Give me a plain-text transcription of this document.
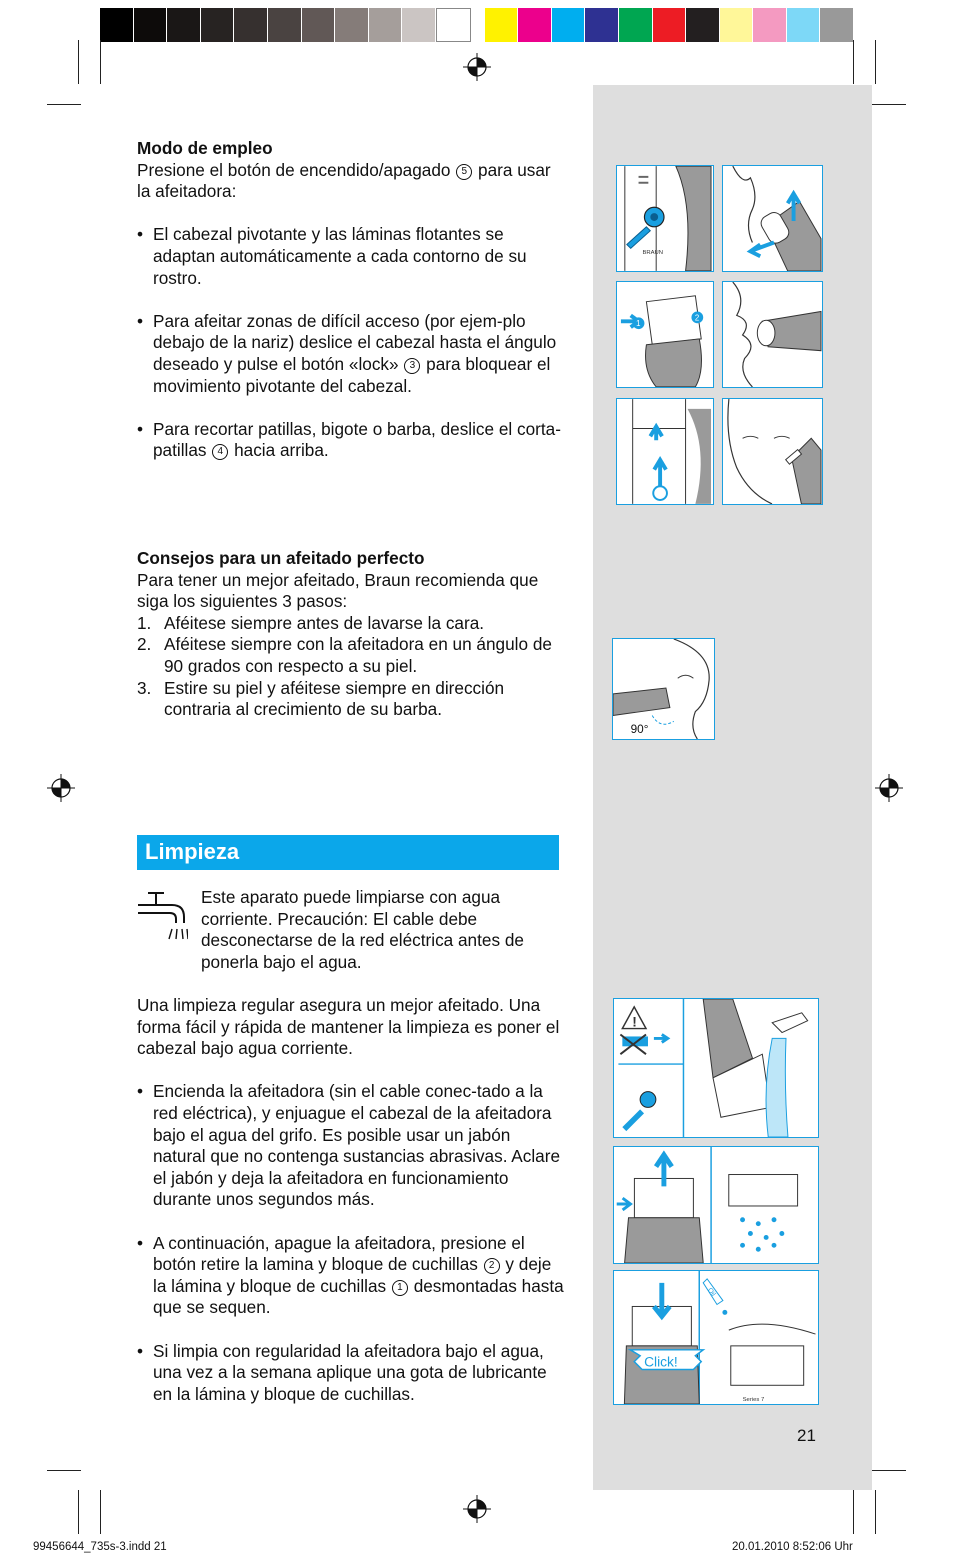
BRAUN
1
2
90°
!
Click!
Oil
Series 7

Modo de empleo

Presione el botón de encendido/apagado 5 para usar la afeitadora:

• El cabezal pivotante y las láminas flotantes se adaptan automáticamente a cada contorno de su rostro.
• Para afeitar zonas de difícil acceso (por ejem-plo debajo de la nariz) deslice el cabezal hasta el ángulo deseado y pulse el botón «lock» 3 para bloquear el movimiento pivotante del cabezal.
• Para recortar patillas, bigote o barba, deslice el corta-patillas 4 hacia arriba.

Consejos para un afeitado perfecto

Para tener un mejor afeitado, Braun recomienda que siga los siguientes 3 pasos:

1. Aféitese siempre antes de lavarse la cara.
2. Aféitese siempre con la afeitadora en un ángulo de 90 grados con respecto a su piel.
3. Estire su piel y aféitese siempre en dirección contraria al crecimiento de su barba.
Limpieza
Este aparato puede limpiarse con agua corriente. Precaución: El cable debe desconectarse de la red eléctrica antes de ponerla bajo el agua.

Una limpieza regular asegura un mejor afeitado. Una forma fácil y rápida de mantener la limpieza es poner el cabezal bajo agua corriente.

• Encienda la afeitadora (sin el cable conec-tado a la red eléctrica), y enjuague el cabezal de la afeitadora bajo el agua del grifo. Es posible usar un jabón natural que no contenga sustancias abrasivas. Aclare el jabón y deja la afeitadora en funcionamiento durante unos segundos más.
• A continuación, apague la afeitadora, presione el botón retire la lamina y bloque de cuchillas 2 y deje la lámina y bloque de cuchillas 1 desmontadas hasta que se sequen.
• Si limpia con regularidad la afeitadora bajo el agua, una vez a la semana aplique una gota de lubricante en la lámina y bloque de cuchillas.
21
99456644_735s-3.indd 21	20.01.2010 8:52:06 Uhr
